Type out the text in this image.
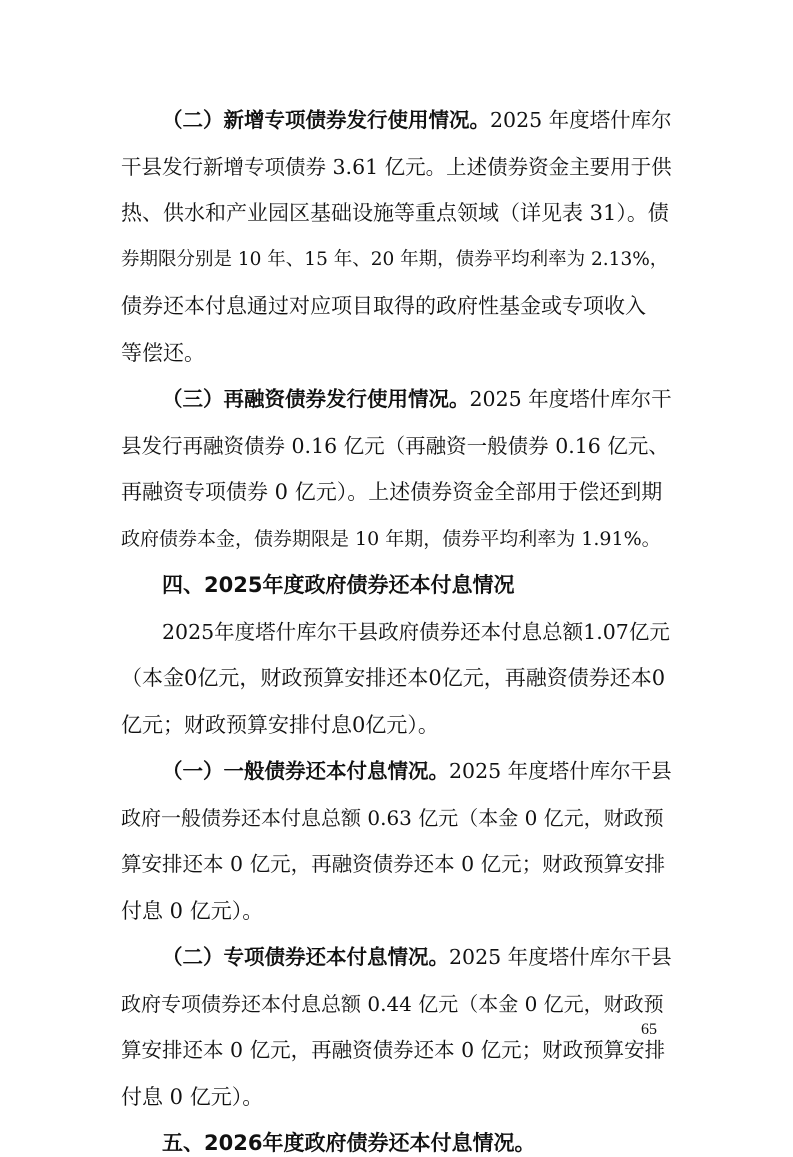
65
（二）新增专项债券发行使用情况。2025 年度塔什库尔
干县发行新增专项债券 3.61 亿元。上述债券资金主要用于供
热、供水和产业园区基础设施等重点领域（详见表 31）。债
券期限分别是 10 年、15 年、20 年期，债券平均利率为 2.13%，
债券还本付息通过对应项目取得的政府性基金或专项收入
等偿还。
（三）再融资债券发行使用情况。2025 年度塔什库尔干
县发行再融资债券 0.16 亿元（再融资一般债券 0.16 亿元、
再融资专项债券 0 亿元）。上述债券资金全部用于偿还到期
政府债券本金，债券期限是 10 年期，债券平均利率为 1.91%。
四、2025年度政府债券还本付息情况
2025年度塔什库尔干县政府债券还本付息总额1.07亿元
（本金0亿元，财政预算安排还本0亿元，再融资债券还本0
亿元；财政预算安排付息0亿元）。
（一）一般债券还本付息情况。2025 年度塔什库尔干县
政府一般债券还本付息总额 0.63 亿元（本金 0 亿元，财政预
算安排还本 0 亿元，再融资债券还本 0 亿元；财政预算安排
付息 0 亿元）。
（二）专项债券还本付息情况。2025 年度塔什库尔干县
政府专项债券还本付息总额 0.44 亿元（本金 0 亿元，财政预
算安排还本 0 亿元，再融资债券还本 0 亿元；财政预算安排
付息 0 亿元）。
五、2026年度政府债券还本付息情况。
